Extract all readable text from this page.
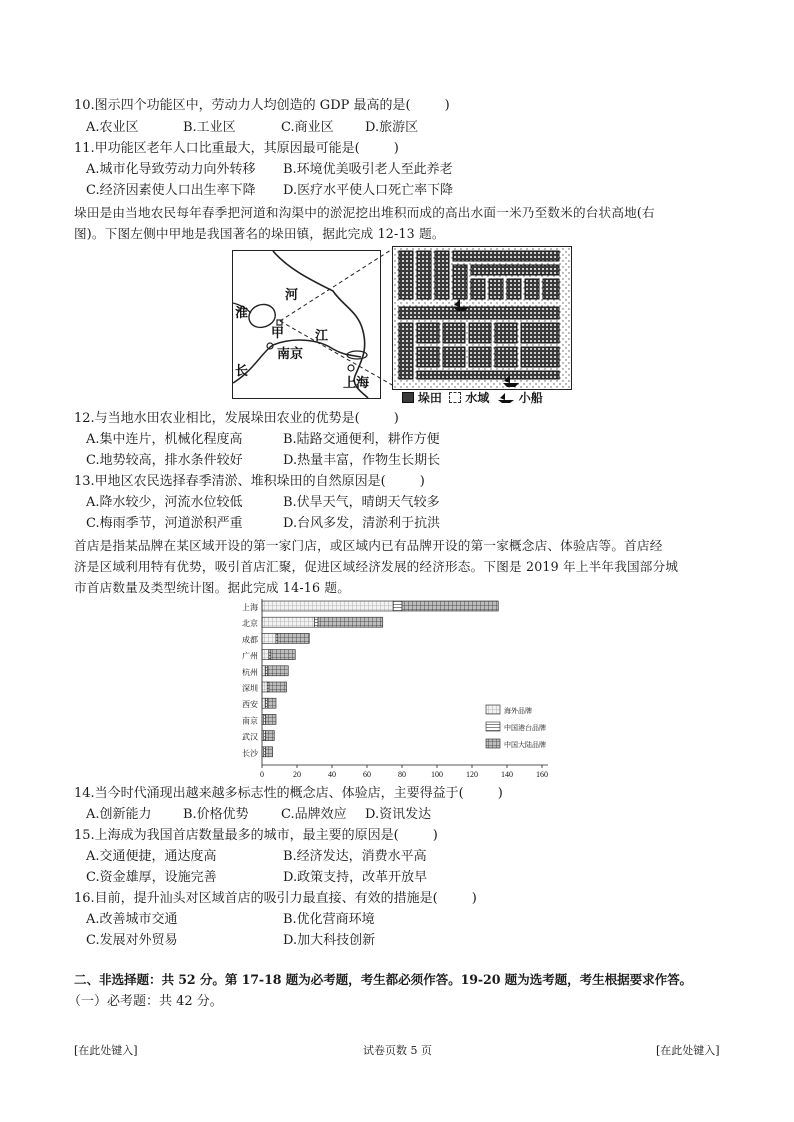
10.图示四个功能区中，劳动力人均创造的 GDP 最高的是(	)
A.农业区	B.工业区	C.商业区 D.旅游区
11.甲功能区老年人口比重最大，其原因最可能是(	)
A.城市化导致劳动力向外转移 B.环境优美吸引老人至此养老
C.经济因素使人口出生率下降 D.医疗水平使人口死亡率下降
垛田是由当地农民每年春季把河道和沟渠中的淤泥挖出堆积而成的高出水面一米乃至数米的台状高地(右
图)。下图左侧中甲地是我国著名的垛田镇，据此完成 12-13 题。
淮
河
甲 江
南京
长
上海
垛田 水域 小船
12.与当地水田农业相比，发展垛田农业的优势是(	)
A.集中连片，机械化程度高	B.陆路交通便利，耕作方便
C.地势较高，排水条件较好	D.热量丰富，作物生长期长
13.甲地区农民选择春季清淤、堆积垛田的自然原因是(	)
A.降水较少，河流水位较低	B.伏旱天气，晴朗天气较多
C.梅雨季节，河道淤积严重	D.台风多发，清淤利于抗洪
首店是指某品牌在某区域开设的第一家门店，或区域内已有品牌开设的第一家概念店、体验店等。首店经
济是区域利用特有优势，吸引首店汇聚，促进区域经济发展的经济形态。下图是 2019 年上半年我国部分城
市首店数量及类型统计图。据此完成 14-16 题。
上海
北京
成都
广州
杭州
深圳
西安
南京
武汉
长沙
0	20	40	60	80	100	120	140	160
海外品牌
中国港台品牌
中国大陆品牌
14.当今时代涌现出越来越多标志性的概念店、体验店，主要得益于(	)
A.创新能力 B.价格优势 C.品牌效应 D.资讯发达
15.上海成为我国首店数量最多的城市，最主要的原因是(	)
A.交通便捷，通达度高	B.经济发达，消费水平高
C.资金雄厚，设施完善	D.政策支持，改革开放早
16.目前，提升汕头对区域首店的吸引力最直接、有效的措施是(	)
A.改善城市交通	B.优化营商环境
C.发展对外贸易	D.加大科技创新
二、非选择题：共 52 分。第 17-18 题为必考题，考生都必须作答。19-20 题为选考题，考生根据要求作答。
（一）必考题：共 42 分。
[在此处键入]	试卷页数 5 页	[在此处键入]
